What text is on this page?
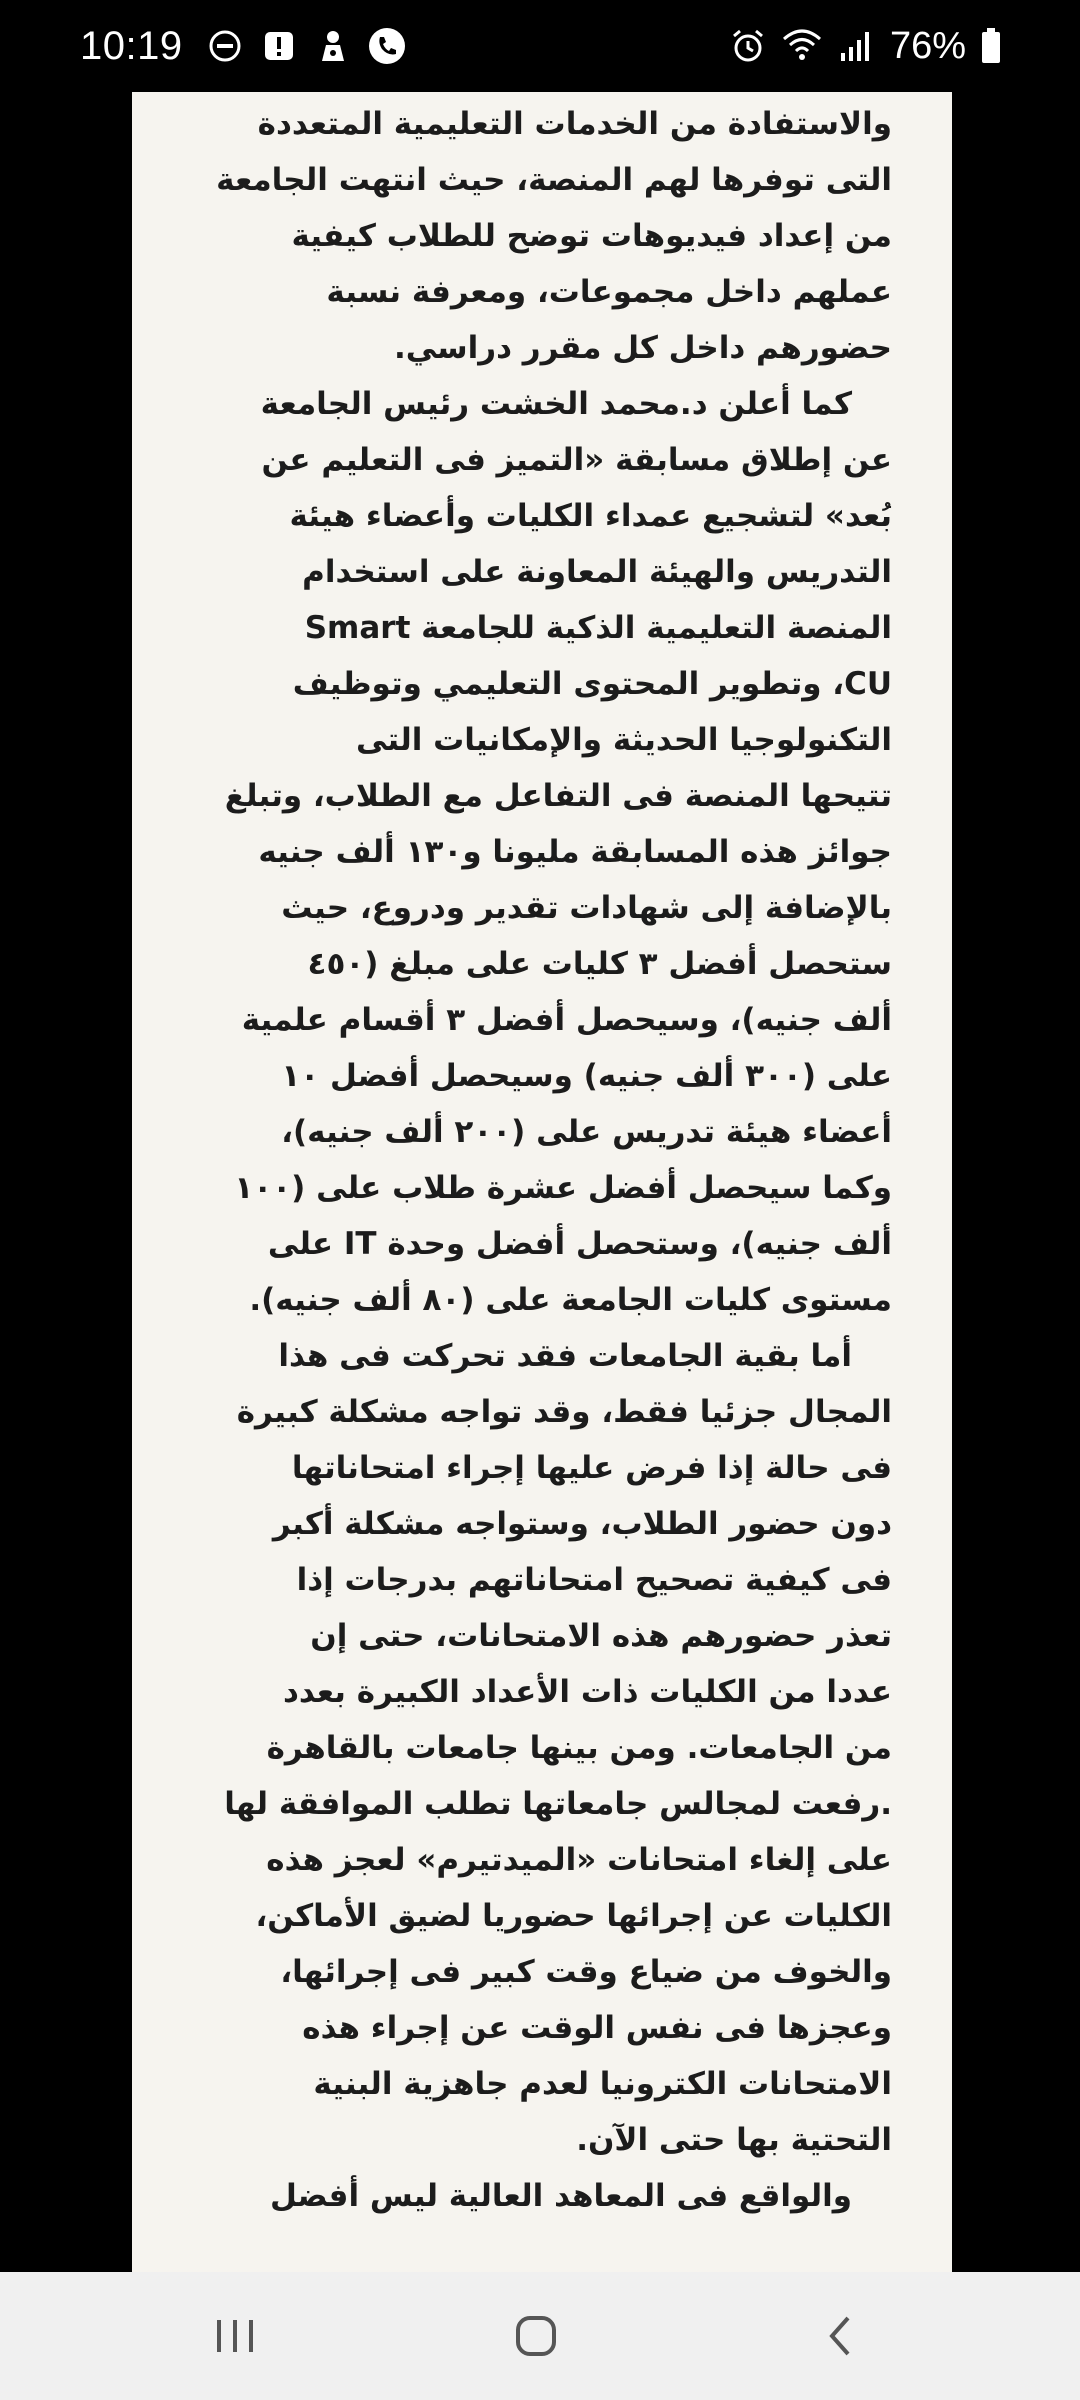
10:19	76%
والاستفادة من الخدمات التعليمية المتعددة
التى توفرها لهم المنصة، حيث انتهت الجامعة
من إعداد فيديوهات توضح للطلاب كيفية
عملهم داخل مجموعات، ومعرفة نسبة
حضورهم داخل كل مقرر دراسي.
كما أعلن د.محمد الخشت رئيس الجامعة
عن إطلاق مسابقة «التميز فى التعليم عن
بُعد» لتشجيع عمداء الكليات وأعضاء هيئة
التدريس والهيئة المعاونة على استخدام
المنصة التعليمية الذكية للجامعة Smart
CU، وتطوير المحتوى التعليمي وتوظيف
التكنولوجيا الحديثة والإمكانيات التى
تتيحها المنصة فى التفاعل مع الطلاب، وتبلغ
جوائز هذه المسابقة مليونا و١٣٠ ألف جنيه
بالإضافة إلى شهادات تقدير ودروع، حيث
ستحصل أفضل ٣ كليات على مبلغ (٤٥٠
ألف جنيه)، وسيحصل أفضل ٣ أقسام علمية
على (٣٠٠ ألف جنيه) وسيحصل أفضل ١٠
أعضاء هيئة تدريس على (٢٠٠ ألف جنيه)،
وكما سيحصل أفضل عشرة طلاب على (١٠٠
ألف جنيه)، وستحصل أفضل وحدة IT على
مستوى كليات الجامعة على (٨٠ ألف جنيه).
أما بقية الجامعات فقد تحركت فى هذا
المجال جزئيا فقط، وقد تواجه مشكلة كبيرة
فى حالة إذا فرض عليها إجراء امتحاناتها
دون حضور الطلاب، وستواجه مشكلة أكبر
فى كيفية تصحيح امتحاناتهم بدرجات إذا
تعذر حضورهم هذه الامتحانات، حتى إن
عددا من الكليات ذات الأعداد الكبيرة بعدد
من الجامعات. ومن بينها جامعات بالقاهرة
.رفعت لمجالس جامعاتها تطلب الموافقة لها
على إلغاء امتحانات «الميدتيرم» لعجز هذه
الكليات عن إجرائها حضوريا لضيق الأماكن،
والخوف من ضياع وقت كبير فى إجرائها،
وعجزها فى نفس الوقت عن إجراء هذه
الامتحانات الكترونيا لعدم جاهزية البنية
التحتية بها حتى الآن.
والواقع فى المعاهد العالية ليس أفضل
